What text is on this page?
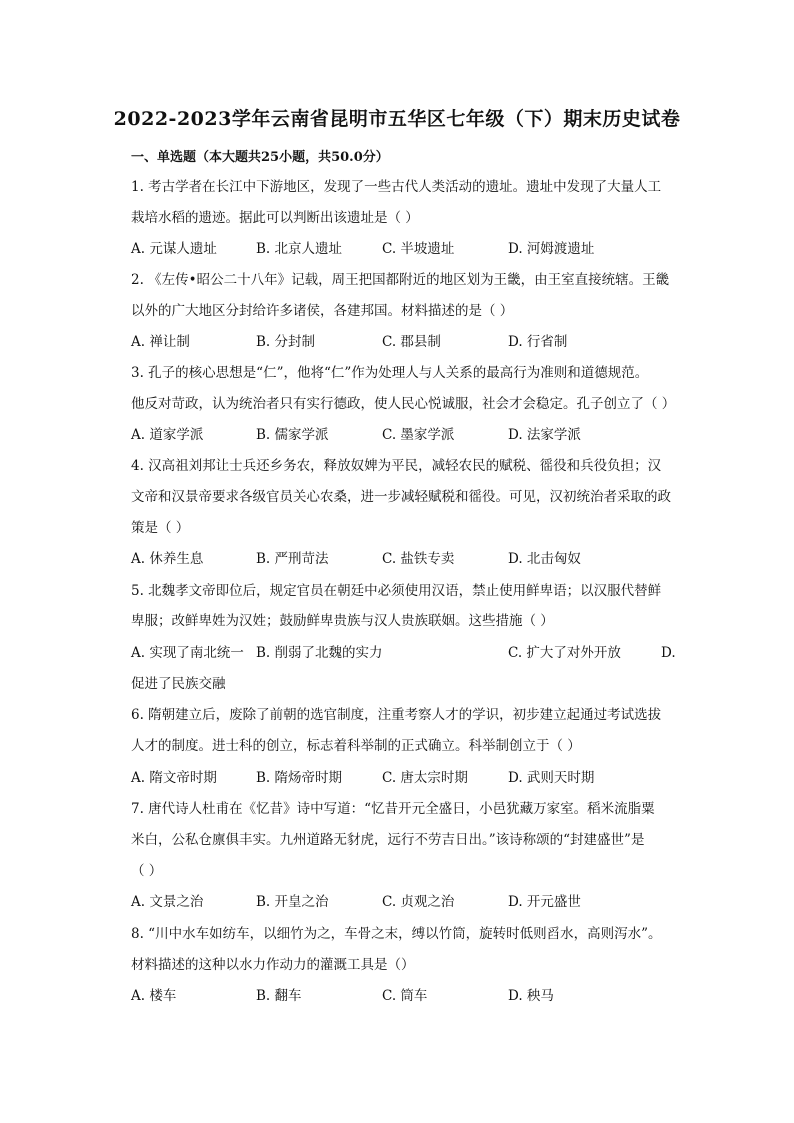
2022-2023学年云南省昆明市五华区七年级（下）期末历史试卷
一、单选题（本大题共25小题，共50.0分）
1. 考古学者在长江中下游地区，发现了一些古代人类活动的遗址。遗址中发现了大量人工
栽培水稻的遗迹。据此可以判断出该遗址是（ ）
A. 元谋人遗址	B. 北京人遗址	C. 半坡遗址	D. 河姆渡遗址
2. 《左传•昭公二十八年》记载，周王把国都附近的地区划为王畿，由王室直接统辖。王畿
以外的广大地区分封给许多诸侯，各建邦国。材料描述的是（ ）
A. 禅让制	B. 分封制	C. 郡县制	D. 行省制
3. 孔子的核心思想是“仁”，他将“仁”作为处理人与人关系的最高行为准则和道德规范。
他反对苛政，认为统治者只有实行德政，使人民心悦诚服，社会才会稳定。孔子创立了（ ）
A. 道家学派	B. 儒家学派	C. 墨家学派	D. 法家学派
4. 汉高祖刘邦让士兵还乡务农，释放奴婢为平民，减轻农民的赋税、徭役和兵役负担；汉
文帝和汉景帝要求各级官员关心农桑，进一步减轻赋税和徭役。可见，汉初统治者采取的政
策是（ ）
A. 休养生息	B. 严刑苛法	C. 盐铁专卖	D. 北击匈奴
5. 北魏孝文帝即位后，规定官员在朝廷中必须使用汉语，禁止使用鲜卑语；以汉服代替鲜
卑服；改鲜卑姓为汉姓；鼓励鲜卑贵族与汉人贵族联姻。这些措施（ ）
A. 实现了南北统一 B. 削弱了北魏的实力	C. 扩大了对外开放	D.
促进了民族交融
6. 隋朝建立后，废除了前朝的选官制度，注重考察人才的学识，初步建立起通过考试选拔
人才的制度。进士科的创立，标志着科举制的正式确立。科举制创立于（ ）
A. 隋文帝时期	B. 隋炀帝时期	C. 唐太宗时期	D. 武则天时期
7. 唐代诗人杜甫在《忆昔》诗中写道：“忆昔开元全盛日，小邑犹藏万家室。稻米流脂粟
米白，公私仓廪俱丰实。九州道路无豺虎，远行不劳吉日出。”该诗称颂的“封建盛世”是
（ ）
A. 文景之治	B. 开皇之治	C. 贞观之治	D. 开元盛世
8. “川中水车如纺车，以细竹为之，车骨之末，缚以竹筒，旋转时低则舀水，高则泻水”。
材料描述的这种以水力作动力的灌溉工具是（）
A. 楼车	B. 翻车	C. 筒车	D. 秧马
